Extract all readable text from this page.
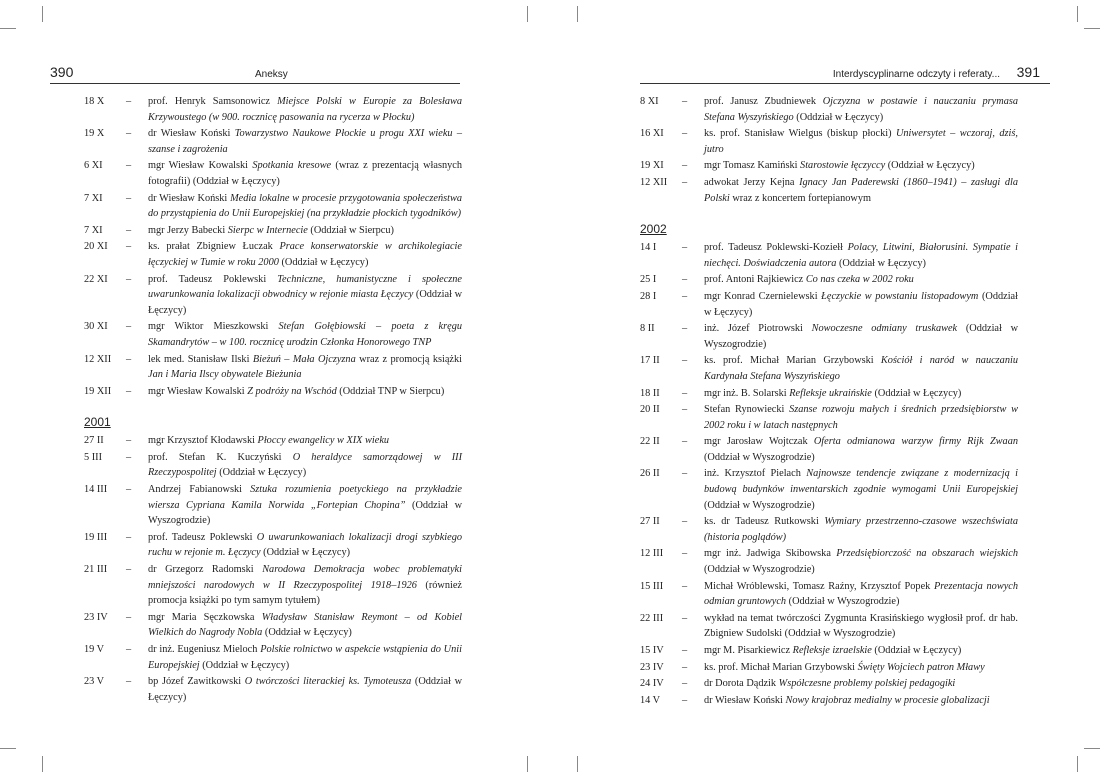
390	Aneksy
18 X	–	prof. Henryk Samsonowicz Miejsce Polski w Europie za Bolesława Krzywoustego (w 900. rocznicę pasowania na rycerza w Płocku)
19 X	–	dr Wiesław Koński Towarzystwo Naukowe Płockie u progu XXI wieku – szanse i zagrożenia
6 XI	–	mgr Wiesław Kowalski Spotkania kresowe (wraz z prezentacją własnych fotografii) (Oddział w Łęczycy)
7 XI	–	dr Wiesław Koński Media lokalne w procesie przygotowania społeczeństwa do przystąpienia do Unii Europejskiej (na przykładzie płockich tygodników)
7 XI	–	mgr Jerzy Babecki Sierpc w Internecie (Oddział w Sierpcu)
20 XI	–	ks. prałat Zbigniew Łuczak Prace konserwatorskie w archikolegiacie łęczyckiej w Tumie w roku 2000 (Oddział w Łęczycy)
22 XI	–	prof. Tadeusz Poklewski Techniczne, humanistyczne i społeczne uwarunkowania lokalizacji obwodnicy w rejonie miasta Łęczycy (Oddział w Łęczycy)
30 XI	–	mgr Wiktor Mieszkowski Stefan Gołębiowski – poeta z kręgu Skamandrytów – w 100. rocznicę urodzin Członka Honorowego TNP
12 XII	–	lek med. Stanisław Ilski Bieżuń – Mała Ojczyzna wraz z promocją książki Jan i Maria Ilscy obywatele Bieżunia
19 XII	–	mgr Wiesław Kowalski Z podróży na Wschód (Oddział TNP w Sierpcu)
2001
27 II	–	mgr Krzysztof Kłodawski Płoccy ewangelicy w XIX wieku
5 III	–	prof. Stefan K. Kuczyński O heraldyce samorządowej w III Rzeczypospolitej (Oddział w Łęczycy)
14 III	–	Andrzej Fabianowski Sztuka rozumienia poetyckiego na przykładzie wiersza Cypriana Kamila Norwida „Fortepian Chopina” (Oddział w Wyszogrodzie)
19 III	–	prof. Tadeusz Poklewski O uwarunkowaniach lokalizacji drogi szybkiego ruchu w rejonie m. Łęczycy (Oddział w Łęczycy)
21 III	–	dr Grzegorz Radomski Narodowa Demokracja wobec problematyki mniejszości narodowych w II Rzeczypospolitej 1918–1926 (również promocja książki po tym samym tytułem)
23 IV	–	mgr Maria Sęczkowska Władysław Stanisław Reymont – od Kobiel Wielkich do Nagrody Nobla (Oddział w Łęczycy)
19 V	–	dr inż. Eugeniusz Mieloch Polskie rolnictwo w aspekcie wstąpienia do Unii Europejskiej (Oddział w Łęczycy)
23 V	–	bp Józef Zawitkowski O twórczości literackiej ks. Tymoteusza (Oddział w Łęczycy)
Interdyscyplinarne odczyty i referaty... 391
8 XI	–	prof. Janusz Zbudniewek Ojczyzna w postawie i nauczaniu prymasa Stefana Wyszyńskiego (Oddział w Łęczycy)
16 XI	–	ks. prof. Stanisław Wielgus (biskup płocki) Uniwersytet – wczoraj, dziś, jutro
19 XI	–	mgr Tomasz Kamiński Starostowie łęczyccy (Oddział w Łęczycy)
12 XII	–	adwokat Jerzy Kejna Ignacy Jan Paderewski (1860–1941) – zasługi dla Polski wraz z koncertem fortepianowym
2002
14 I	–	prof. Tadeusz Poklewski-Koziełł Polacy, Litwini, Białorusini. Sympatie i niechęci. Doświadczenia autora (Oddział w Łęczycy)
25 I	–	prof. Antoni Rajkiewicz Co nas czeka w 2002 roku
28 I	–	mgr Konrad Czernielewski Łęczyckie w powstaniu listopadowym (Oddział w Łęczycy)
8 II	–	inż. Józef Piotrowski Nowoczesne odmiany truskawek (Oddział w Wyszogrodzie)
17 II	–	ks. prof. Michał Marian Grzybowski Kościół i naród w nauczaniu Kardynała Stefana Wyszyńskiego
18 II	–	mgr inż. B. Solarski Refleksje ukraińskie (Oddział w Łęczycy)
20 II	–	Stefan Rynowiecki Szanse rozwoju małych i średnich przedsiębiorstw w 2002 roku i w latach następnych
22 II	–	mgr Jarosław Wojtczak Oferta odmianowa warzyw firmy Rijk Zwaan (Oddział w Wyszogrodzie)
26 II	–	inż. Krzysztof Pielach Najnowsze tendencje związane z modernizacją i budową budynków inwentarskich zgodnie wymogami Unii Europejskiej (Oddział w Wyszogrodzie)
27 II	–	ks. dr Tadeusz Rutkowski Wymiary przestrzenno-czasowe wszechświata (historia poglądów)
12 III	–	mgr inż. Jadwiga Skibowska Przedsiębiorczość na obszarach wiejskich (Oddział w Wyszogrodzie)
15 III	–	Michał Wróblewski, Tomasz Raźny, Krzysztof Popek Prezentacja nowych odmian gruntowych (Oddział w Wyszogrodzie)
22 III	–	wykład na temat twórczości Zygmunta Krasińskiego wygłosił prof. dr hab. Zbigniew Sudolski (Oddział w Wyszogrodzie)
15 IV	–	mgr M. Pisarkiewicz Refleksje izraelskie (Oddział w Łęczycy)
23 IV	–	ks. prof. Michał Marian Grzybowski Święty Wojciech patron Mławy
24 IV	–	dr Dorota Dądzik Współczesne problemy polskiej pedagogiki
14 V	–	dr Wiesław Koński Nowy krajobraz medialny w procesie globalizacji
